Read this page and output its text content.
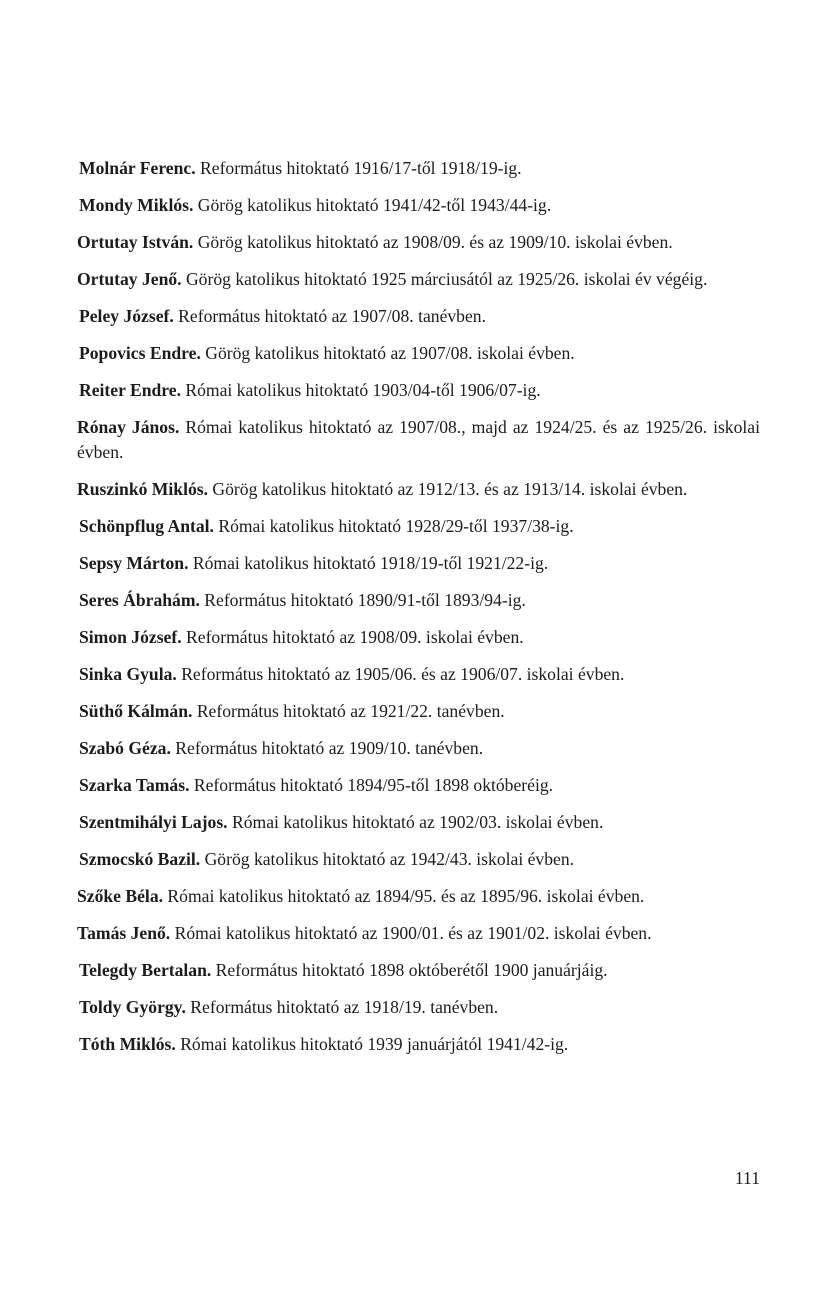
Molnár Ferenc. Református hitoktató 1916/17-től 1918/19-ig.

Mondy Miklós. Görög katolikus hitoktató 1941/42-től 1943/44-ig.

Ortutay István. Görög katolikus hitoktató az 1908/09. és az 1909/10. iskolai évben.

Ortutay Jenő. Görög katolikus hitoktató 1925 márciusától az 1925/26. iskolai év végéig.

Peley József. Református hitoktató az 1907/08. tanévben.

Popovics Endre. Görög katolikus hitoktató az 1907/08. iskolai évben.

Reiter Endre. Római katolikus hitoktató 1903/04-től 1906/07-ig.

Rónay János. Római katolikus hitoktató az 1907/08., majd az 1924/25. és az 1925/26. iskolai évben.

Ruszinkó Miklós. Görög katolikus hitoktató az 1912/13. és az 1913/14. iskolai évben.

Schönpflug Antal. Római katolikus hitoktató 1928/29-től 1937/38-ig.

Sepsy Márton. Római katolikus hitoktató 1918/19-től 1921/22-ig.

Seres Ábrahám. Református hitoktató 1890/91-től 1893/94-ig.

Simon József. Református hitoktató az 1908/09. iskolai évben.

Sinka Gyula. Református hitoktató az 1905/06. és az 1906/07. iskolai évben.

Süthő Kálmán. Református hitoktató az 1921/22. tanévben.

Szabó Géza. Református hitoktató az 1909/10. tanévben.

Szarka Tamás. Református hitoktató 1894/95-től 1898 októberéig.

Szentmihályi Lajos. Római katolikus hitoktató az 1902/03. iskolai évben.

Szmocskó Bazil. Görög katolikus hitoktató az 1942/43. iskolai évben.

Szőke Béla. Római katolikus hitoktató az 1894/95. és az 1895/96. iskolai évben.

Tamás Jenő. Római katolikus hitoktató az 1900/01. és az 1901/02. iskolai évben.

Telegdy Bertalan. Református hitoktató 1898 októberétől 1900 januárjáig.

Toldy György. Református hitoktató az 1918/19. tanévben.

Tóth Miklós. Római katolikus hitoktató 1939 januárjától 1941/42-ig.

111
